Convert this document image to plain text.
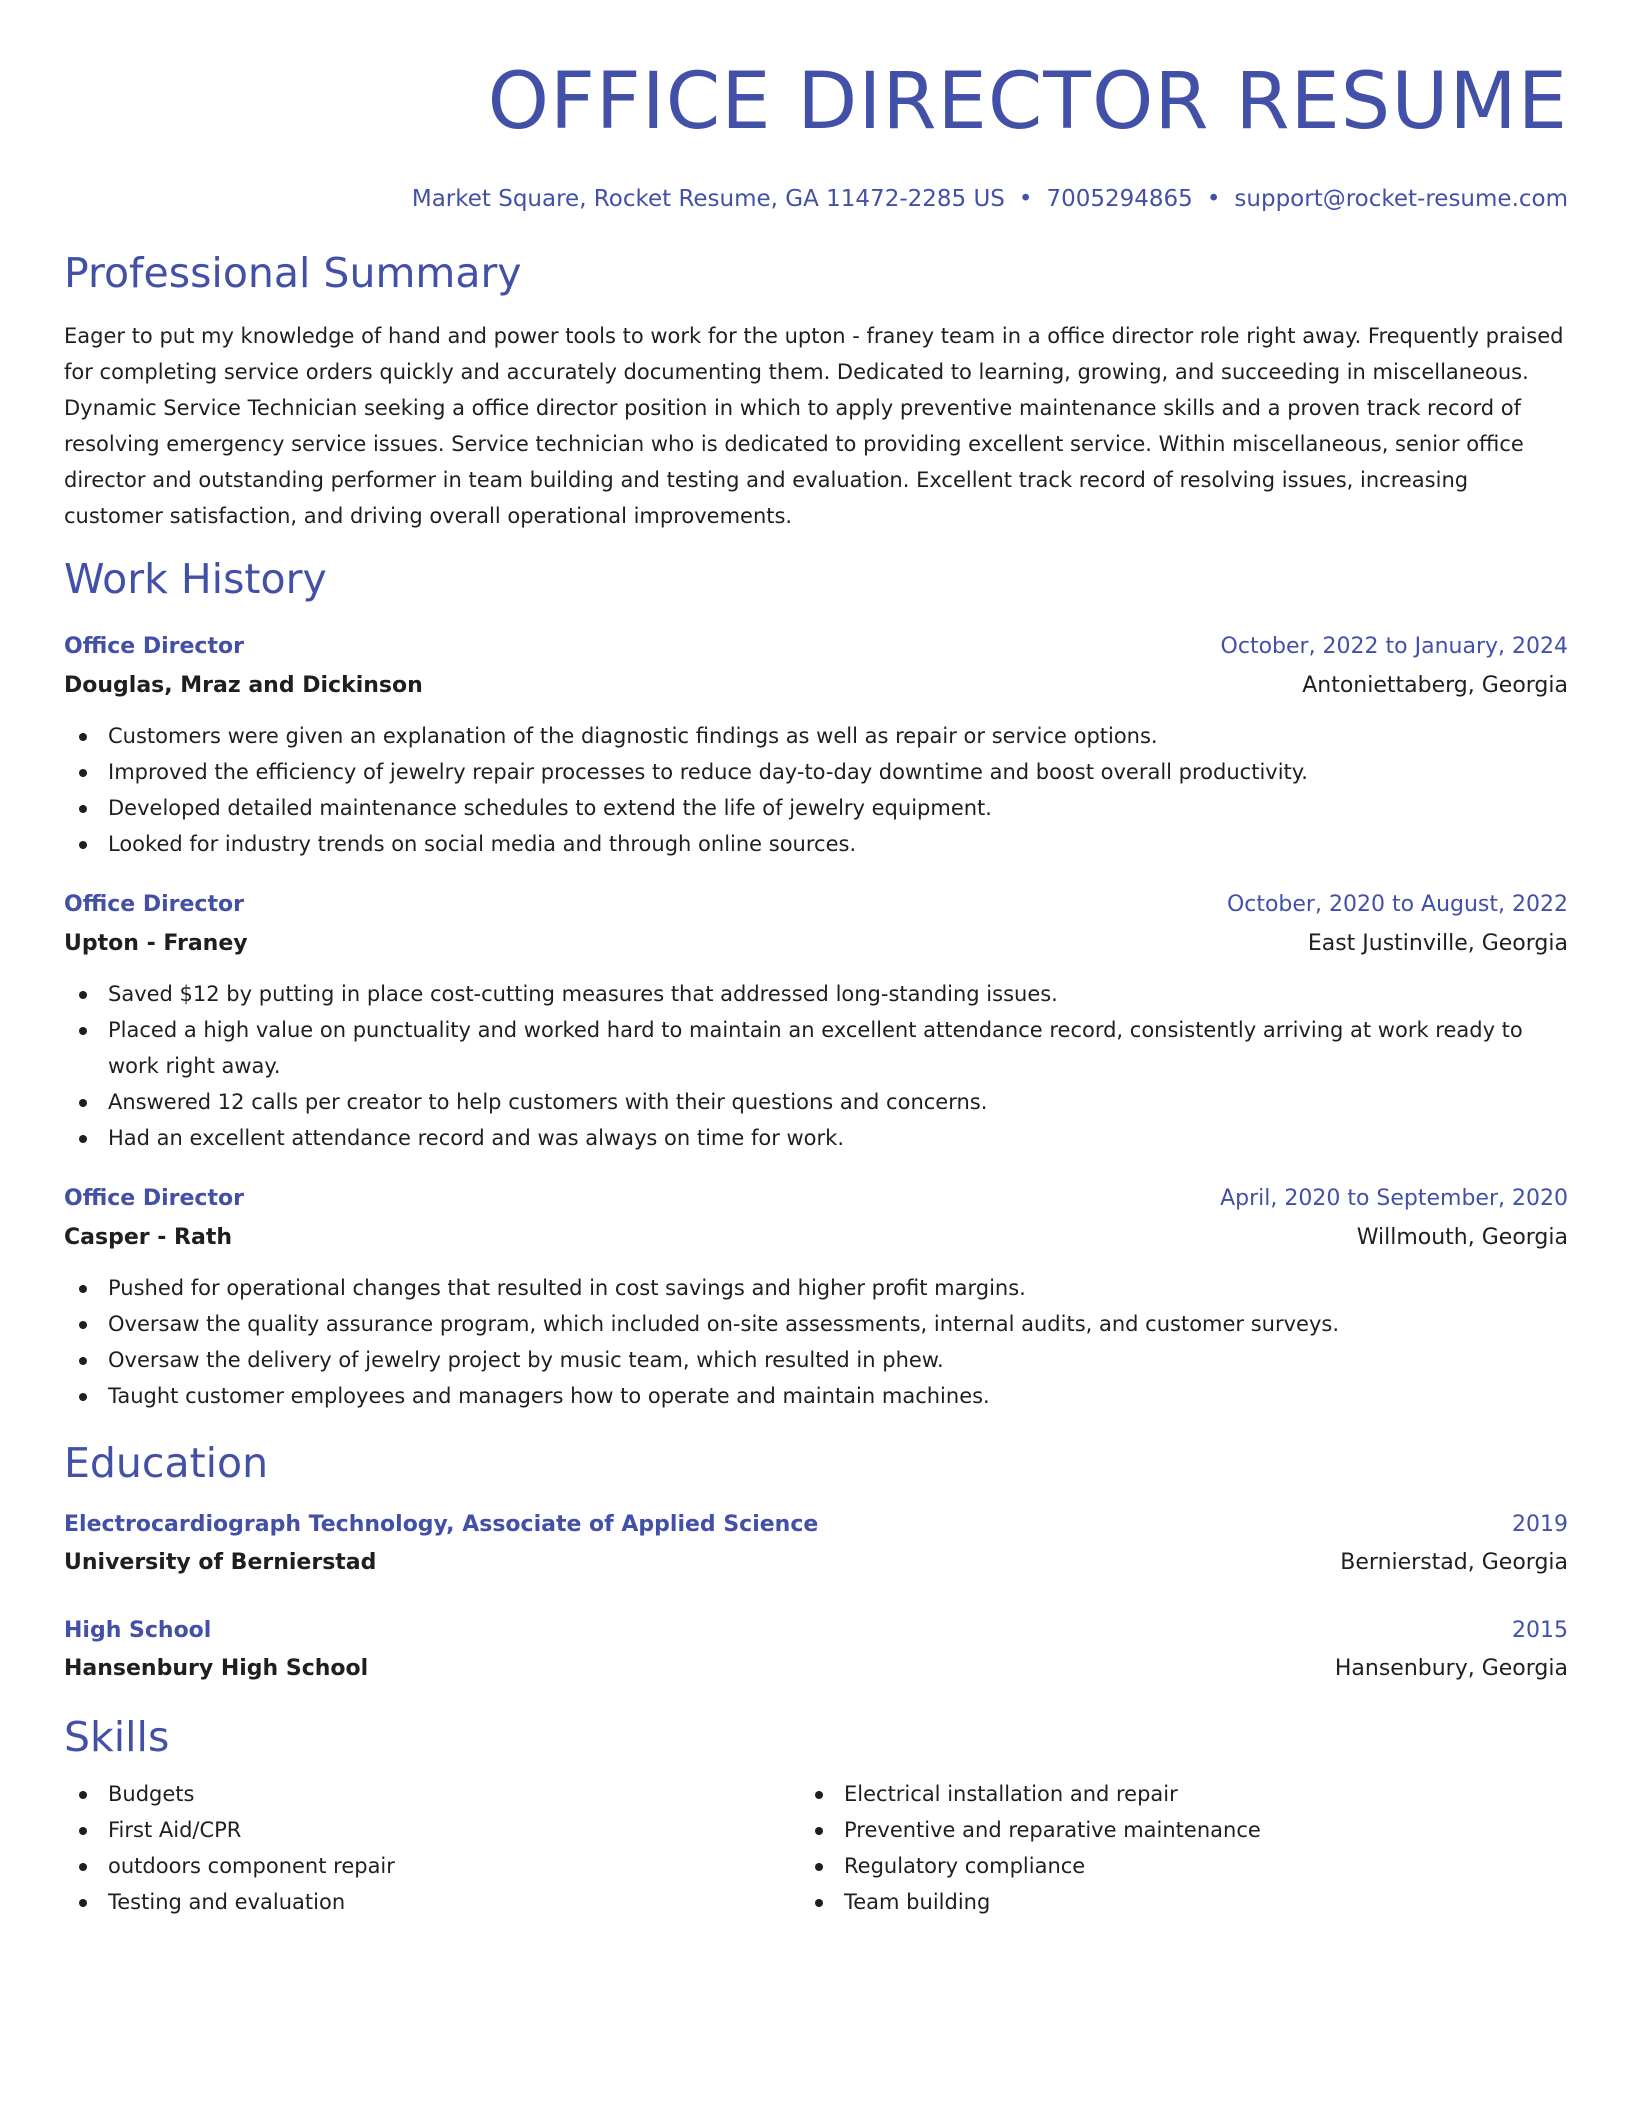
OFFICE DIRECTOR RESUME
Market Square, Rocket Resume, GA 11472-2285 US • 7005294865 • support@rocket-resume.com
Professional Summary
Eager to put my knowledge of hand and power tools to work for the upton - franey team in a office director role right away. Frequently praised for completing service orders quickly and accurately documenting them. Dedicated to learning, growing, and succeeding in miscellaneous. Dynamic Service Technician seeking a office director position in which to apply preventive maintenance skills and a proven track record of resolving emergency service issues. Service technician who is dedicated to providing excellent service. Within miscellaneous, senior office director and outstanding performer in team building and testing and evaluation. Excellent track record of resolving issues, increasing customer satisfaction, and driving overall operational improvements.
Work History
Office Director	October, 2022 to January, 2024
Douglas, Mraz and Dickinson	Antoniettaberg, Georgia
Customers were given an explanation of the diagnostic findings as well as repair or service options.
Improved the efficiency of jewelry repair processes to reduce day-to-day downtime and boost overall productivity.
Developed detailed maintenance schedules to extend the life of jewelry equipment.
Looked for industry trends on social media and through online sources.
Office Director	October, 2020 to August, 2022
Upton - Franey	East Justinville, Georgia
Saved $12 by putting in place cost-cutting measures that addressed long-standing issues.
Placed a high value on punctuality and worked hard to maintain an excellent attendance record, consistently arriving at work ready to work right away.
Answered 12 calls per creator to help customers with their questions and concerns.
Had an excellent attendance record and was always on time for work.
Office Director	April, 2020 to September, 2020
Casper - Rath	Willmouth, Georgia
Pushed for operational changes that resulted in cost savings and higher profit margins.
Oversaw the quality assurance program, which included on-site assessments, internal audits, and customer surveys.
Oversaw the delivery of jewelry project by music team, which resulted in phew.
Taught customer employees and managers how to operate and maintain machines.
Education
Electrocardiograph Technology, Associate of Applied Science	2019
University of Bernierstad	Bernierstad, Georgia
High School	2015
Hansenbury High School	Hansenbury, Georgia
Skills
Budgets
First Aid/CPR
outdoors component repair
Testing and evaluation
Electrical installation and repair
Preventive and reparative maintenance
Regulatory compliance
Team building
